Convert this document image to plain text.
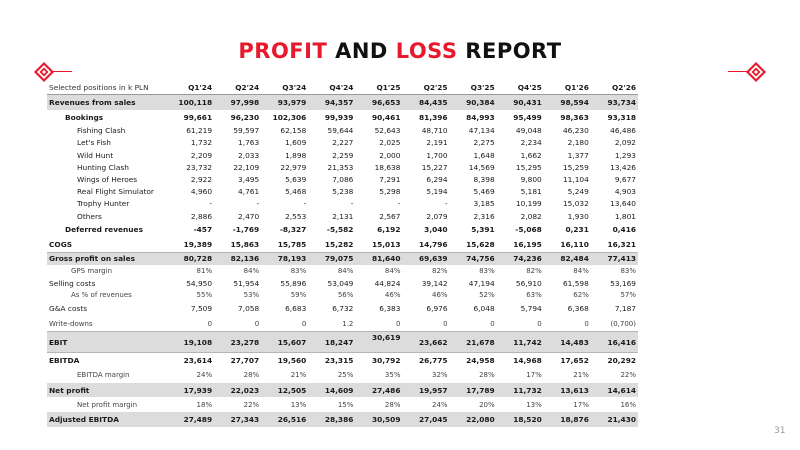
PROFIT AND LOSS REPORT
Selected positions in k PLN	Q1'24	Q2'24	Q3'24	Q4'24	Q1'25	Q2'25	Q3'25	Q4'25	Q1'26	Q2'26
Revenues from sales	100,118	97,998	93,979	94,357	96,653	84,435	90,384	90,431	98,594	93,734
Bookings	99,661	96,230	102,306	99,939	90,461	81,396	84,993	95,499	98,363	93,318
Fishing Clash	61,219	59,597	62,158	59,644	52,643	48,710	47,134	49,048	46,230	46,486
Let's Fish	1,732	1,763	1,609	2,227	2,025	2,191	2,275	2,234	2,180	2,092
Wild Hunt	2,209	2,033	1,898	2,259	2,000	1,700	1,648	1,662	1,377	1,293
Hunting Clash	23,732	22,109	22,979	21,353	18,638	15,227	14,569	15,295	15,259	13,426
Wings of Heroes	2,922	3,495	5,639	7,086	7,291	6,294	8,398	9,800	11,104	9,677
Real Flight Simulator	4,960	4,761	5,468	5,238	5,298	5,194	5,469	5,181	5,249	4,903
Trophy Hunter	-	-	-	-	-	-	3,185	10,199	15,032	13,640
Others	2,886	2,470	2,553	2,131	2,567	2,079	2,316	2,082	1,930	1,801
Deferred revenues	-457	-1,769	-8,327	-5,582	6,192	3,040	5,391	-5,068	0,231	0,416
COGS	19,389	15,863	15,785	15,282	15,013	14,796	15,628	16,195	16,110	16,321
Gross profit on sales	80,728	82,136	78,193	79,075	81,640	69,639	74,756	74,236	82,484	77,413
GPS margin	81%	84%	83%	84%	84%	82%	83%	82%	84%	83%
Selling costs	54,950	51,954	55,896	53,049	44,824	39,142	47,194	56,910	61,598	53,169
As % of revenues	55%	53%	59%	56%	46%	46%	52%	63%	62%	57%
G&A costs	7,509	7,058	6,683	6,732	6,383	6,976	6,048	5,794	6,368	7,187
Write-downs	0	0	0	1.2	0	0	0	0	0	(0,700)
EBIT	19,108	23,278	15,607	18,247	30,619	23,662	21,678	11,742	14,483	16,416
EBITDA	23,614	27,707	19,560	23,315	30,792	26,775	24,958	14,968	17,652	20,292
EBITDA margin	24%	28%	21%	25%	35%	32%	28%	17%	21%	22%
Net profit	17,939	22,023	12,505	14,609	27,486	19,957	17,789	11,732	13,613	14,614
Net profit margin	18%	22%	13%	15%	28%	24%	20%	13%	17%	16%
Adjusted EBITDA	27,489	27,343	26,516	28,386	30,509	27,045	22,080	18,520	18,876	21,430
31
